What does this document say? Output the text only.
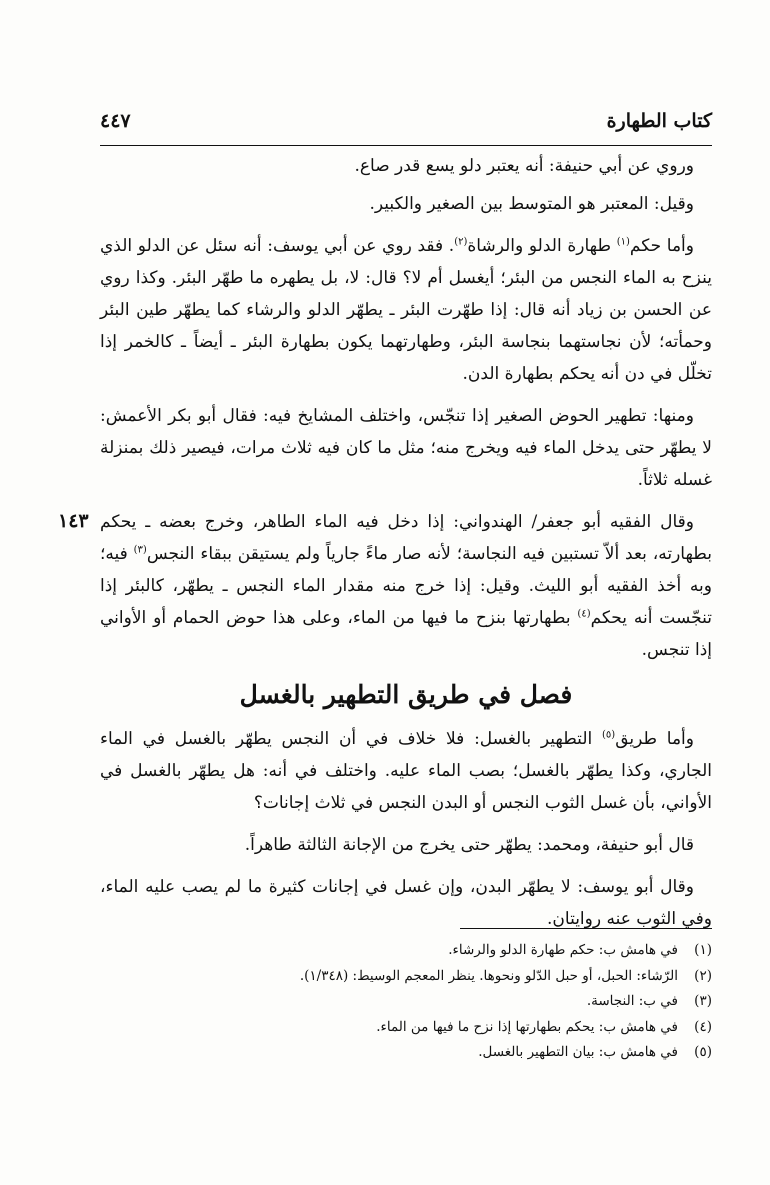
كتاب الطهارة
٤٤٧
١٤٣

وروي عن أبي حنيفة: أنه يعتبر دلو يسع قدر صاع.

وقيل: المعتبر هو المتوسط بين الصغير والكبير.

وأما حكم$^{(١)}$ طهارة الدلو والرشاة$^{(٢)}$. فقد روي عن أبي يوسف: أنه سئل عن الدلو الذي ينزح به الماء النجس من البئر؛ أيغسل أم لا؟ قال: لا، بل يطهره ما طهّر البئر. وكذا روي عن الحسن بن زياد أنه قال: إذا طهّرت البئر ـ يطهّر الدلو والرشاء كما يطهّر طين البئر وحمأته؛ لأن نجاستهما بنجاسة البئر، وطهارتهما يكون بطهارة البئر ـ أيضاً ـ كالخمر إذا تخلّل في دن أنه يحكم بطهارة الدن.

ومنها: تطهير الحوض الصغير إذا تنجّس، واختلف المشايخ فيه: فقال أبو بكر الأعمش: لا يطهّر حتى يدخل الماء فيه ويخرج منه؛ مثل ما كان فيه ثلاث مرات، فيصير ذلك بمنزلة غسله ثلاثاً.

وقال الفقيه أبو جعفر/ الهندواني: إذا دخل فيه الماء الطاهر، وخرج بعضه ـ يحكم بطهارته، بعد ألاّ تستبين فيه النجاسة؛ لأنه صار ماءً جارياً ولم يستيقن ببقاء النجس$^{(٣)}$ فيه؛ وبه أخذ الفقيه أبو الليث. وقيل: إذا خرج منه مقدار الماء النجس ـ يطهّر، كالبئر إذا تنجّست أنه يحكم$^{(٤)}$ بطهارتها بنزح ما فيها من الماء، وعلى هذا حوض الحمام أو الأواني إذا تنجس.

فصل في طريق التطهير بالغسل

وأما طريق$^{(٥)}$ التطهير بالغسل: فلا خلاف في أن النجس يطهّر بالغسل في الماء الجاري، وكذا يطهّر بالغسل؛ بصب الماء عليه. واختلف في أنه: هل يطهّر بالغسل في الأواني، بأن غسل الثوب النجس أو البدن النجس في ثلاث إجانات؟

قال أبو حنيفة، ومحمد: يطهّر حتى يخرج من الإجانة الثالثة طاهراً.

وقال أبو يوسف: لا يطهّر البدن، وإن غسل في إجانات كثيرة ما لم يصب عليه الماء، وفي الثوب عنه روايتان.

(١)في هامش ب: حكم طهارة الدلو والرشاء.
(٢)الرّشاء: الحبل، أو حبل الدّلو ونحوها. ينظر المعجم الوسيط: (١/٣٤٨).
(٣)في ب: النجاسة.
(٤)في هامش ب: يحكم بطهارتها إذا نزح ما فيها من الماء.
(٥)في هامش ب: بيان التطهير بالغسل.
